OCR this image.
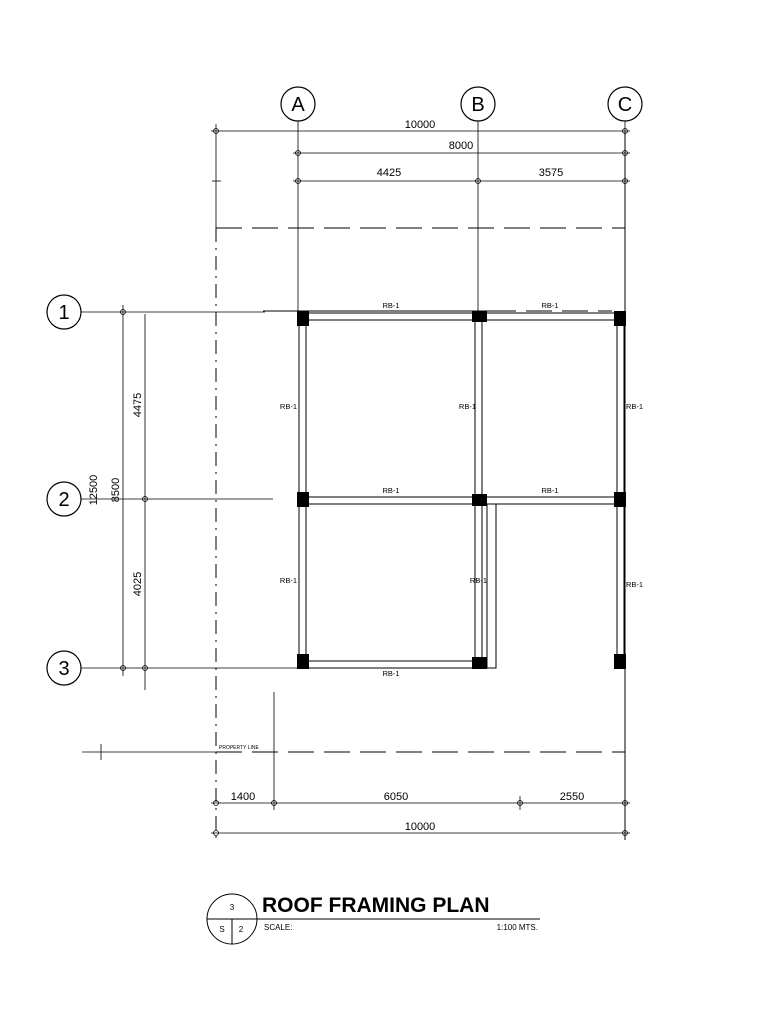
A	B	C
1
2
3
10000
8000
4425	3575
PROPERTY LINE
12500 8500
4475
4025
RB-1	RB-1
RB-1	RB-1
RB-1
RB-1	RB-1	RB-1
RB-1	RB-1	RB-1
1400	6050	2550
10000
3
S 2
ROOF FRAMING PLAN
SCALE:	1:100 MTS.
